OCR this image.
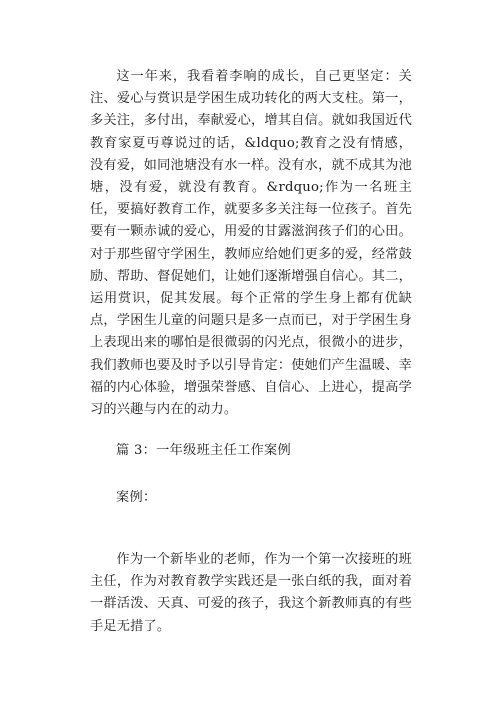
这一年来，我看着李响的成长，自己更坚定：关注、爱心与赏识是学困生成功转化的两大支柱。第一，多关注，多付出，奉献爱心，增其自信。就如我国近代教育家夏丏尊说过的话，&ldquo;教育之没有情感，没有爱，如同池塘没有水一样。没有水，就不成其为池塘，没有爱，就没有教育。&rdquo;作为一名班主任，要搞好教育工作，就要多多关注每一位孩子。首先要有一颗赤诚的爱心，用爱的甘露滋润孩子们的心田。对于那些留守学困生，教师应给她们更多的爱，经常鼓励、帮助、督促她们，让她们逐渐增强自信心。其二，运用赏识，促其发展。每个正常的学生身上都有优缺点，学困生儿童的问题只是多一点而已，对于学困生身上表现出来的哪怕是很微弱的闪光点，很微小的进步，我们教师也要及时予以引导肯定：使她们产生温暖、幸福的内心体验，增强荣誉感、自信心、上进心，提高学习的兴趣与内在的动力。

篇 3：一年级班主任工作案例

案例：

作为一个新毕业的老师，作为一个第一次接班的班主任，作为对教育教学实践还是一张白纸的我，面对着一群活泼、天真、可爱的孩子，我这个新教师真的有些手足无措了。
